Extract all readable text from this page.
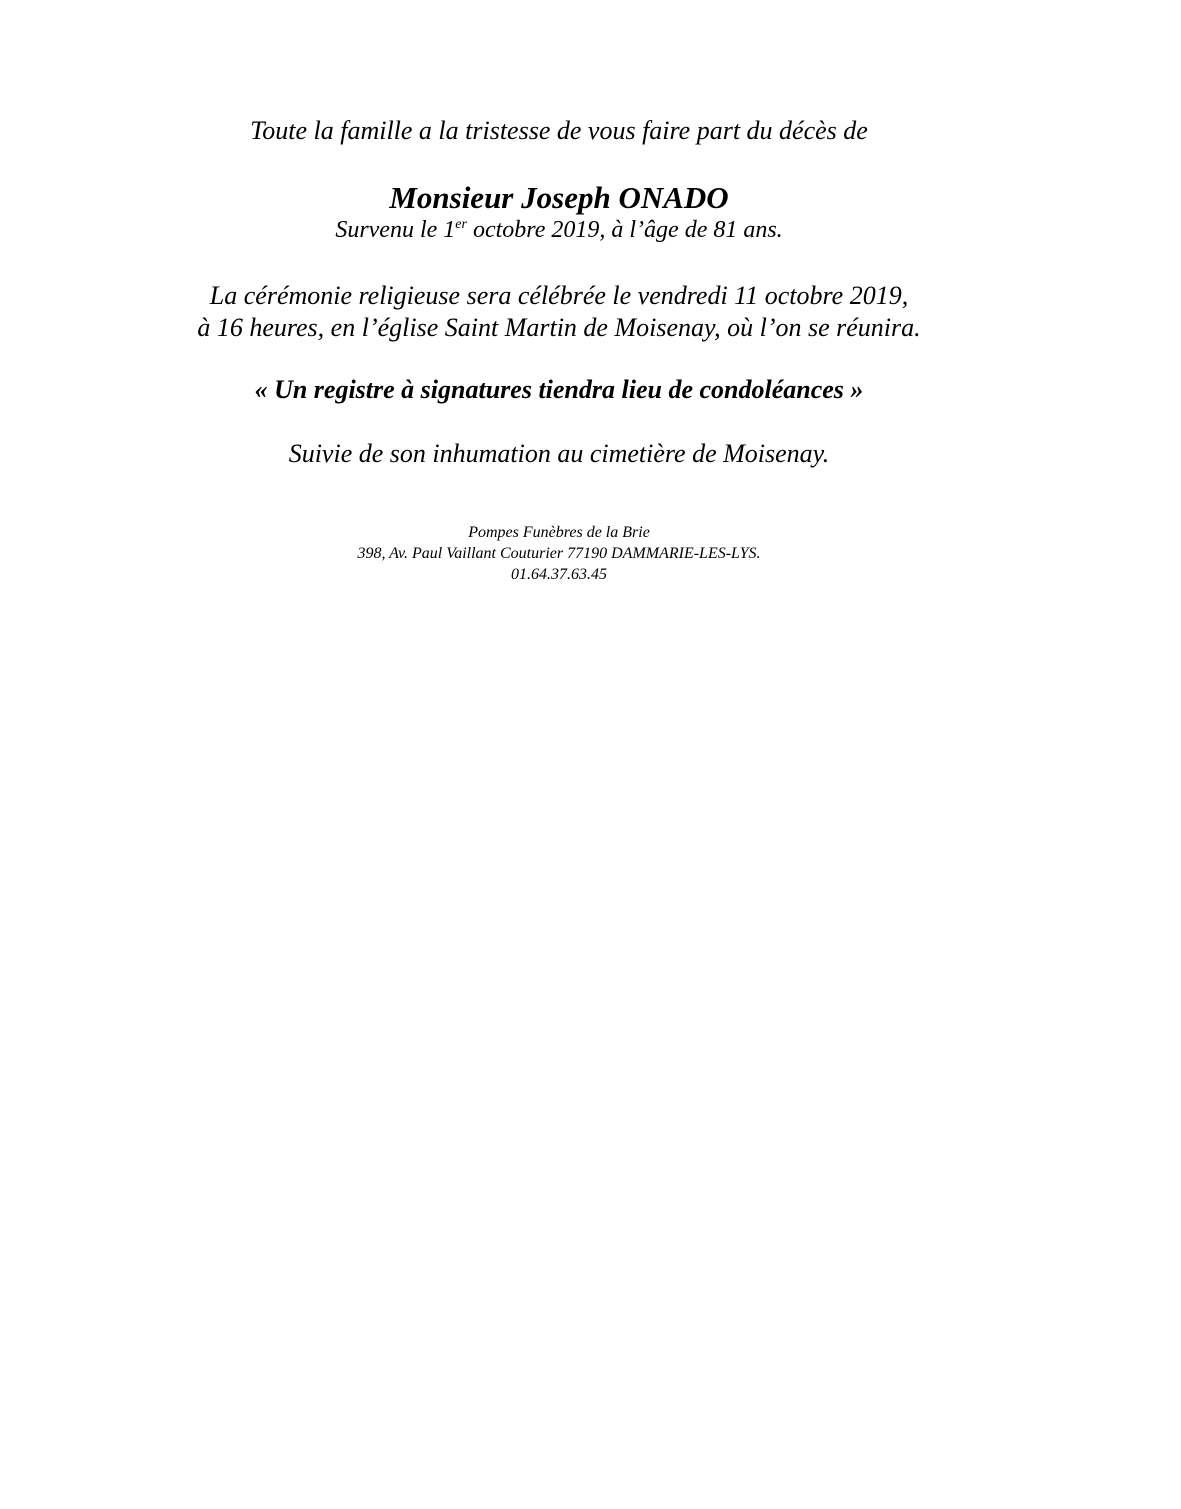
Toute la famille a la tristesse de vous faire part du décès de
Monsieur Joseph ONADO
Survenu le 1er octobre 2019, à l’âge de 81 ans.
La cérémonie religieuse sera célébrée le vendredi 11 octobre 2019,
à 16 heures, en l’église Saint Martin de Moisenay, où l’on se réunira.
« Un registre à signatures tiendra lieu de condoléances »
Suivie de son inhumation au cimetière de Moisenay.
Pompes Funèbres de la Brie
398, Av. Paul Vaillant Couturier 77190 DAMMARIE-LES-LYS.
01.64.37.63.45
